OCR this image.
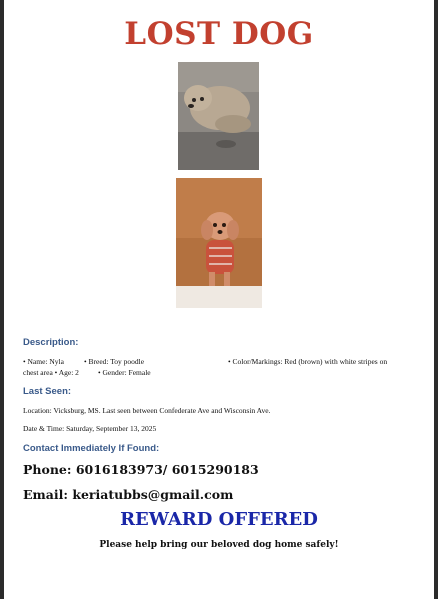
LOST DOG
Description:
• Name: Nyla	• Breed: Toy poodle	• Color/Markings: Red (brown) with white stripes on
chest area • Age: 2	• Gender: Female
Last Seen:
Location: Vicksburg, MS. Last seen between Confederate Ave and Wisconsin Ave.
Date & Time: Saturday, September 13, 2025
Contact Immediately If Found:
Phone: 6016183973/ 6015290183
Email: keriatubbs@gmail.com
REWARD OFFERED
Please help bring our beloved dog home safely!
